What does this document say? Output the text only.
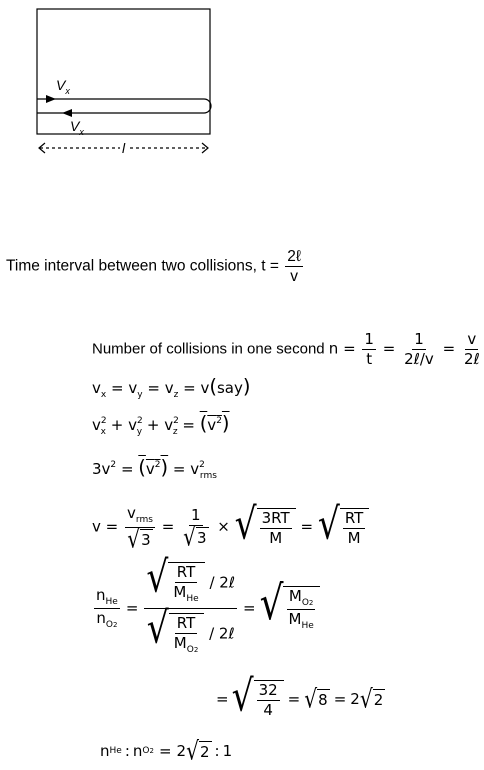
$V_x$
$V_x$
l
Time interval between two collisions, $t = \frac{\text{2ℓ}}{v}$
Number of collisions in one second $n = \frac{1}{t} = \frac{1}{\text{2ℓ/v}} = \frac{v}{\text{2ℓ}}$
$v_x = v_y = v_z = v(say)$
$v^2_x + v^2_y + v^2_z = (v^2)$
$3v^2 = (v^2) = v^2_{rms}$
$v = \frac{v_{rms}}{√ 3} = \frac{1}{√ 3}$ × √ $\frac{3RT}{M}$ = √ $\frac{RT}{M}$
$\frac{n_{He}}{n_{O2}} = \frac{√ \frac{RT}{M_{He}} / 2\ell}{√ \frac{RT}{M_{O2}} / 2\ell}$ = √ $\frac{M_{O2}}{M_{He}}$
= √ $\frac{32}{4}$ = √ 8 = 2 √ 2
n He : n O2 = 2 √ 2 : 1
